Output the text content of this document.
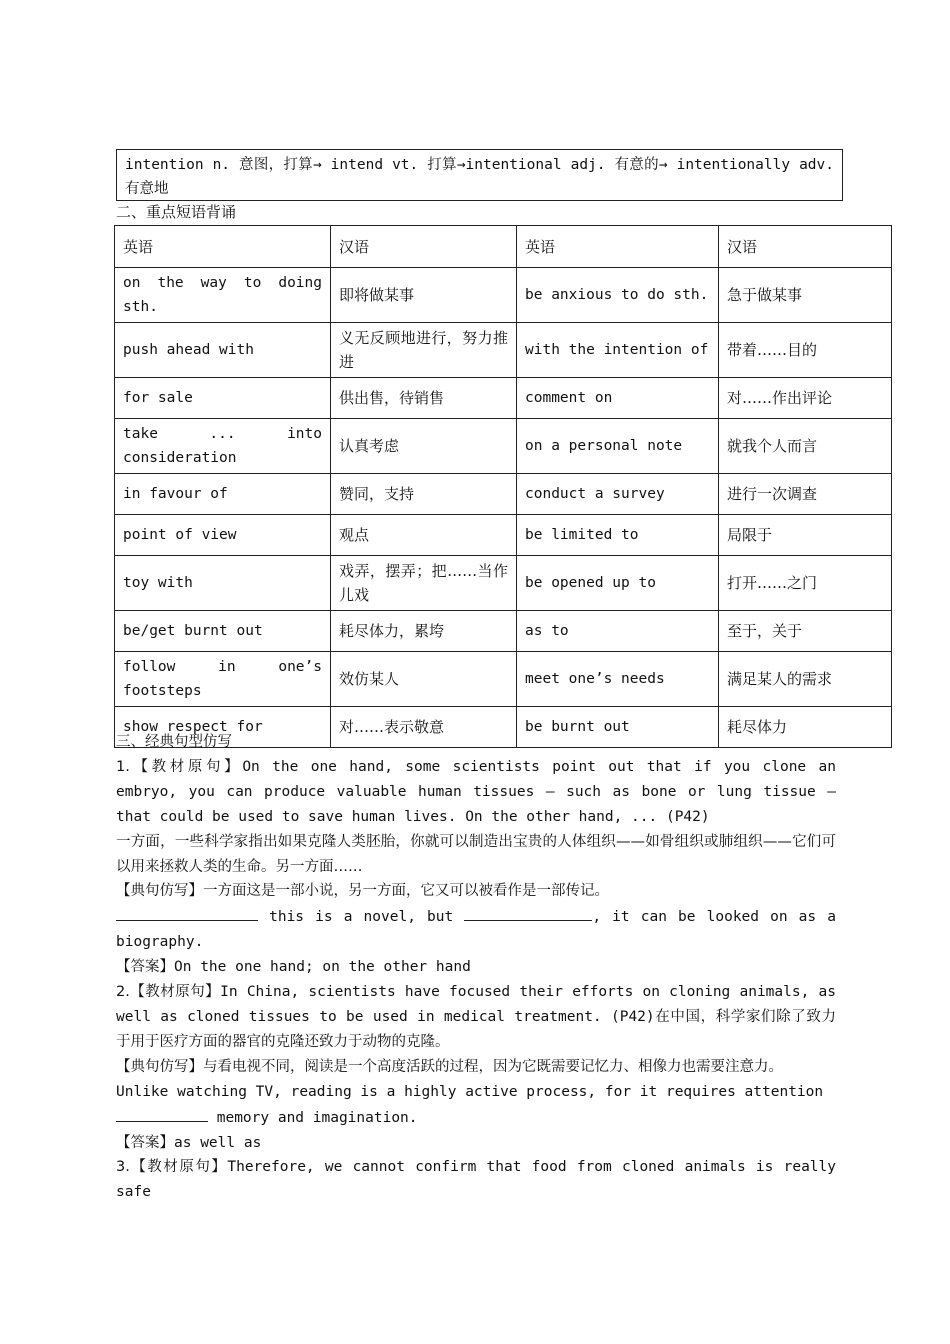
intention n. 意图，打算→ intend vt. 打算→intentional adj. 有意的→ intentionally adv. 有意地
二、重点短语背诵
英语	汉语	英语	汉语
on the way to doing sth.	即将做某事	be anxious to do sth.	急于做某事
push ahead with	义无反顾地进行，努力推进	with the intention of	带着……目的
for sale	供出售，待销售	comment on	对……作出评论
take ... into consideration	认真考虑	on a personal note	就我个人而言
in favour of	赞同，支持	conduct a survey	进行一次调查
point of view	观点	be limited to	局限于
toy with	戏弄，摆弄；把……当作儿戏	be opened up to	打开……之门
be/get burnt out	耗尽体力，累垮	as to	至于，关于
follow in one’s footsteps	效仿某人	meet one’s needs	满足某人的需求
show respect for	对……表示敬意	be burnt out	耗尽体力

三、经典句型仿写

1.【教材原句】On the one hand, some scientists point out that if you clone an embryo, you can produce valuable human tissues — such as bone or lung tissue — that could be used to save human lives. On the other hand, ... (P42)

一方面，一些科学家指出如果克隆人类胚胎，你就可以制造出宝贵的人体组织——如骨组织或肺组织——它们可以用来拯救人类的生命。另一方面……

【典句仿写】一方面这是一部小说，另一方面，它又可以被看作是一部传记。

this is a novel, but	, it can be looked on as a biography.

【答案】On the one hand; on the other hand

2.【教材原句】In China, scientists have focused their efforts on cloning animals, as well as cloned tissues to be used in medical treatment. (P42)在中国，科学家们除了致力于用于医疗方面的器官的克隆还致力于动物的克隆。

【典句仿写】与看电视不同，阅读是一个高度活跃的过程，因为它既需要记忆力、相像力也需要注意力。

Unlike watching TV, reading is a highly active process, for it requires attention

memory and imagination.

【答案】as well as

3.【教材原句】Therefore, we cannot confirm that food from cloned animals is really safe
